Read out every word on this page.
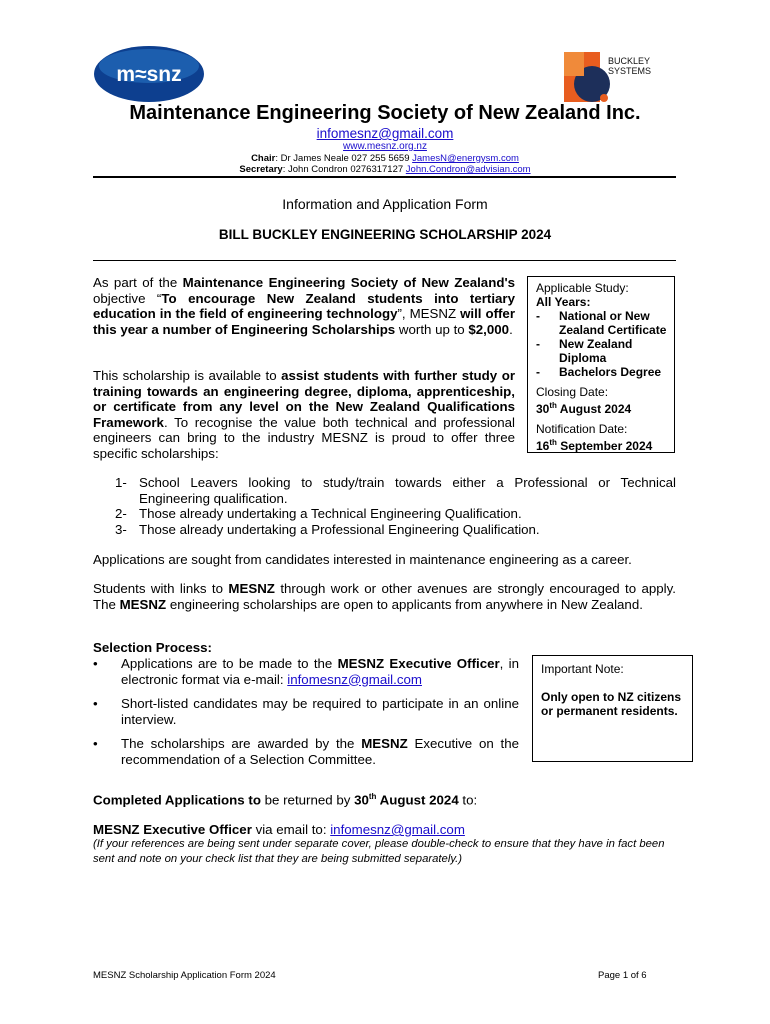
m≈snz
BUCKLEY
SYSTEMS
Maintenance Engineering Society of New Zealand Inc.
infomesnz@gmail.com
www.mesnz.org.nz
Chair: Dr James Neale 027 255 5659 JamesN@energysm.com
Secretary: John Condron 0276317127 John.Condron@advisian.com
Information and Application Form
BILL BUCKLEY ENGINEERING SCHOLARSHIP 2024
As part of the Maintenance Engineering Society of New Zealand's objective “To encourage New Zealand students into tertiary education in the field of engineering technology”, MESNZ will offer this year a number of Engineering Scholarships worth up to $2,000.
This scholarship is available to assist students with further study or training towards an engineering degree, diploma, apprenticeship, or certificate from any level on the New Zealand Qualifications Framework. To recognise the value both technical and professional engineers can bring to the industry MESNZ is proud to offer three specific scholarships:
Applicable Study:
All Years:
-	National or New Zealand Certificate
-	New Zealand Diploma
-	Bachelors Degree
Closing Date:
30th August 2024
Notification Date:
16th September 2024
1- School Leavers looking to study/train towards either a Professional or Technical Engineering qualification.
2- Those already undertaking a Technical Engineering Qualification.
3- Those already undertaking a Professional Engineering Qualification.
Applications are sought from candidates interested in maintenance engineering as a career.
Students with links to MESNZ through work or other avenues are strongly encouraged to apply. The MESNZ engineering scholarships are open to applicants from anywhere in New Zealand.
Selection Process:
•	Applications are to be made to the MESNZ Executive Officer, in electronic format via e-mail: infomesnz@gmail.com
•	Short-listed candidates may be required to participate in an online interview.
•	The scholarships are awarded by the MESNZ Executive on the recommendation of a Selection Committee.
Important Note:
Only open to NZ citizens or permanent residents.
Completed Applications to be returned by 30th August 2024 to:
MESNZ Executive Officer via email to: infomesnz@gmail.com
(If your references are being sent under separate cover, please double-check to ensure that they have in fact been sent and note on your check list that they are being submitted separately.)
MESNZ Scholarship Application Form 2024	Page 1 of 6
